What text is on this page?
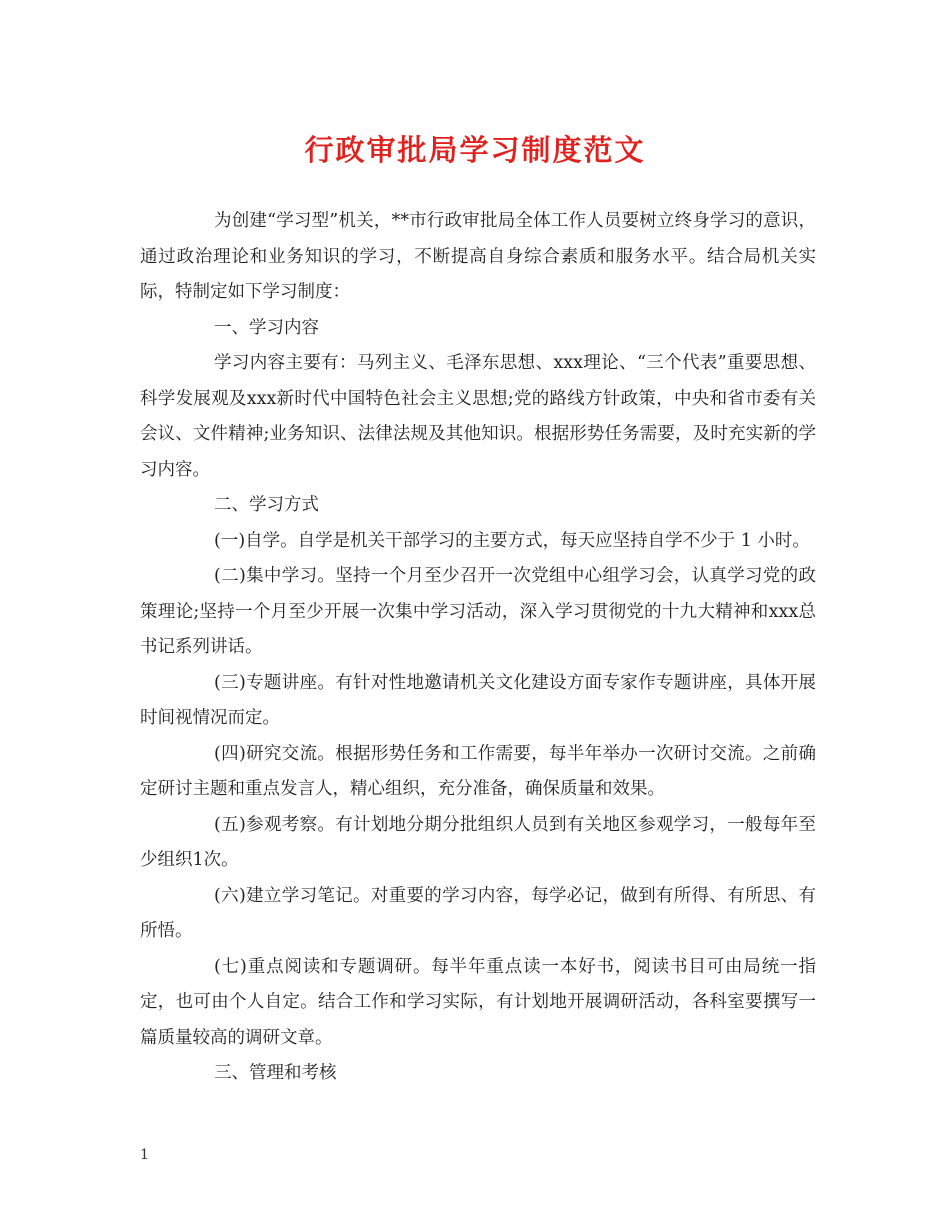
行政审批局学习制度范文

为创建“学习型”机关，**市行政审批局全体工作人员要树立终身学习的意识，通过政治理论和业务知识的学习，不断提高自身综合素质和服务水平。结合局机关实际，特制定如下学习制度：

一、学习内容

学习内容主要有：马列主义、毛泽东思想、xxx理论、“三个代表”重要思想、科学发展观及xxx新时代中国特色社会主义思想;党的路线方针政策，中央和省市委有关会议、文件精神;业务知识、法律法规及其他知识。根据形势任务需要，及时充实新的学习内容。

二、学习方式

(一)自学。自学是机关干部学习的主要方式，每天应坚持自学不少于 1 小时。

(二)集中学习。坚持一个月至少召开一次党组中心组学习会，认真学习党的政策理论;坚持一个月至少开展一次集中学习活动，深入学习贯彻党的十九大精神和xxx总书记系列讲话。

(三)专题讲座。有针对性地邀请机关文化建设方面专家作专题讲座，具体开展时间视情况而定。

(四)研究交流。根据形势任务和工作需要，每半年举办一次研讨交流。之前确定研讨主题和重点发言人，精心组织，充分准备，确保质量和效果。

(五)参观考察。有计划地分期分批组织人员到有关地区参观学习，一般每年至少组织1次。

(六)建立学习笔记。对重要的学习内容，每学必记，做到有所得、有所思、有所悟。

(七)重点阅读和专题调研。每半年重点读一本好书，阅读书目可由局统一指定，也可由个人自定。结合工作和学习实际，有计划地开展调研活动，各科室要撰写一篇质量较高的调研文章。

三、管理和考核

1
